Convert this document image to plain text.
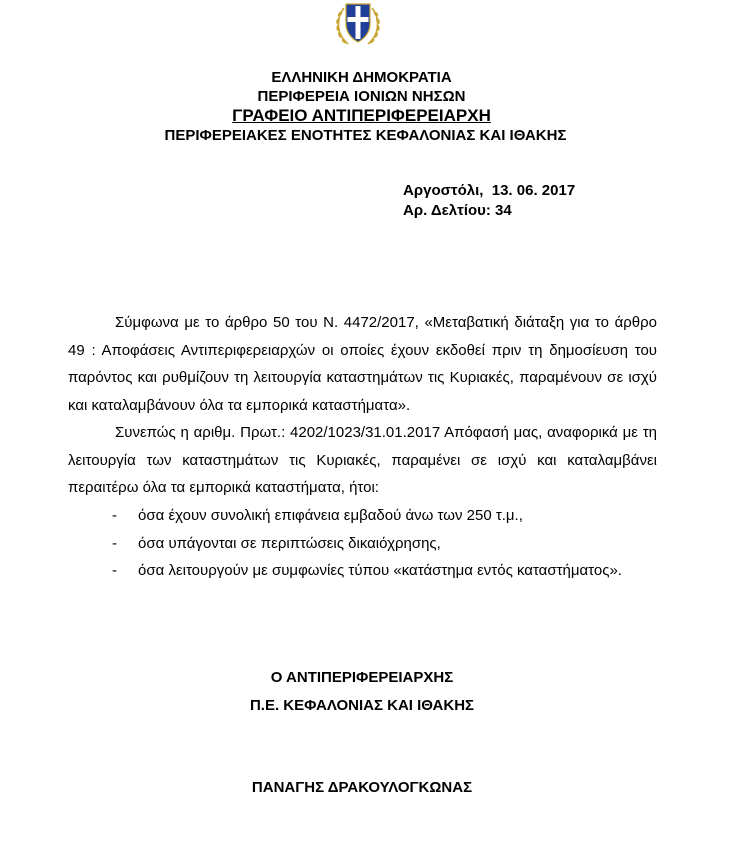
ΕΛΛΗΝΙΚΗ ΔΗΜΟΚΡΑΤΙΑ
ΠΕΡΙΦΕΡΕΙΑ ΙΟΝΙΩΝ ΝΗΣΩΝ
ΓΡΑΦΕΙΟ ΑΝΤΙΠΕΡΙΦΕΡΕΙΑΡΧΗ
ΠΕΡΙΦΕΡΕΙΑΚΕΣ ΕΝΟΤΗΤΕΣ ΚΕΦΑΛΟΝΙΑΣ ΚΑΙ ΙΘΑΚΗΣ
Αργοστόλι,  13. 06. 2017
Αρ. Δελτίου: 34
Σύμφωνα με το άρθρο 50 του Ν. 4472/2017, «Μεταβατική διάταξη για το άρθρο 49 : Αποφάσεις Αντιπεριφερειαρχών οι οποίες έχουν εκδοθεί πριν τη δημοσίευση του παρόντος και ρυθμίζουν τη λειτουργία καταστημάτων τις Κυριακές, παραμένουν σε ισχύ και καταλαμβάνουν όλα τα εμπορικά καταστήματα».
Συνεπώς η αριθμ. Πρωτ.: 4202/1023/31.01.2017 Απόφασή μας, αναφορικά με τη λειτουργία των καταστημάτων τις Κυριακές, παραμένει σε ισχύ και καταλαμβάνει περαιτέρω όλα τα εμπορικά καταστήματα, ήτοι:
- όσα έχουν συνολική επιφάνεια εμβαδού άνω των 250 τ.μ.,
- όσα υπάγονται σε περιπτώσεις δικαιόχρησης,
- όσα λειτουργούν με συμφωνίες τύπου «κατάστημα εντός καταστήματος».
Ο ΑΝΤΙΠΕΡΙΦΕΡΕΙΑΡΧΗΣ
Π.Ε. ΚΕΦΑΛΟΝΙΑΣ ΚΑΙ ΙΘΑΚΗΣ
ΠΑΝΑΓΗΣ ΔΡΑΚΟΥΛΟΓΚΩΝΑΣ
